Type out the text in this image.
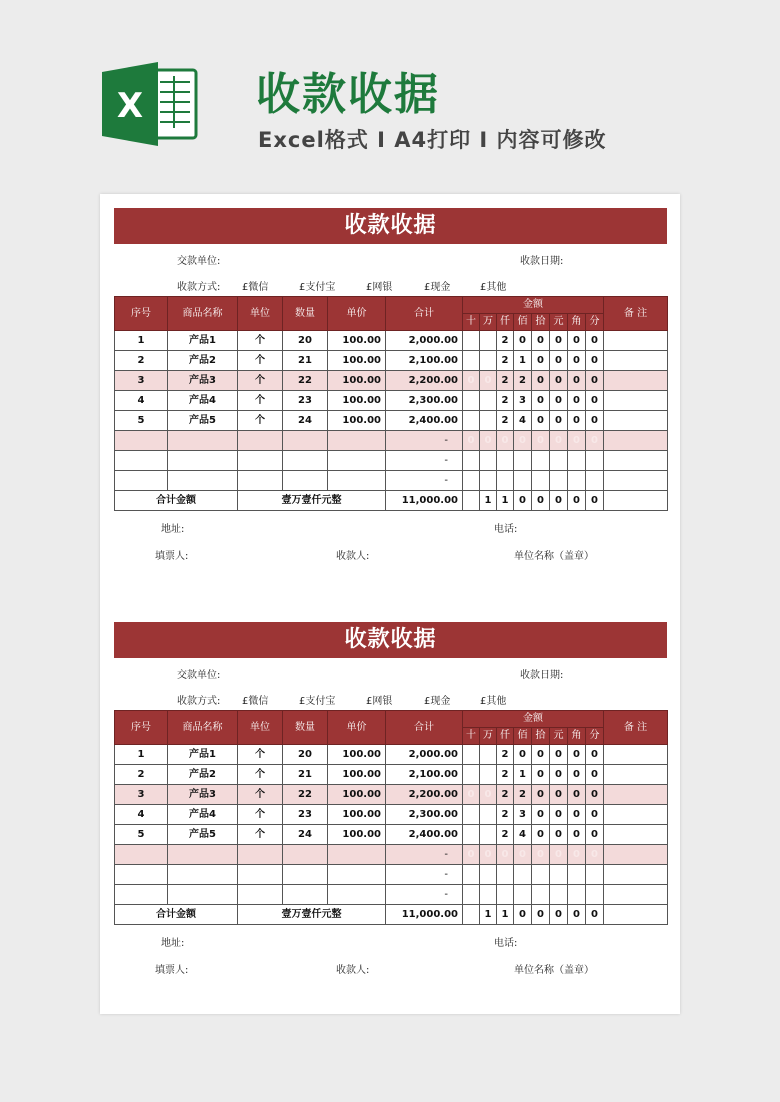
X	收款收据
Excel格式 I A4打印 I 内容可修改
收款收据
交款单位:	收款日期:
收款方式: £微信	£支付宝	£网银	£现金	£其他
序号	商品名称	单位	数量	单价	合计	金额								备 注
						十	万	仟	佰	拾	元	角	分	
1	产品1	个	20	100.00	2,000.00			2	0	0	0	0	0	
2	产品2	个	21	100.00	2,100.00			2	1	0	0	0	0	
3	产品3	个	22	100.00	2,200.00	0	0	2	2	0	0	0	0	
4	产品4	个	23	100.00	2,300.00			2	3	0	0	0	0	
5	产品5	个	24	100.00	2,400.00			2	4	0	0	0	0	
					-	0	0	0	0	0	0	0	0	
					-									
					-									
合计金额		壹万壹仟元整			11,000.00		1	1	0	0	0	0	0	
地址:	电话:
填票人:	收款人:	单位名称（盖章）
收款收据
交款单位:	收款日期:
收款方式: £微信	£支付宝	£网银	£现金	£其他
序号	商品名称	单位	数量	单价	合计	金额								备 注
						十	万	仟	佰	拾	元	角	分	
1	产品1	个	20	100.00	2,000.00			2	0	0	0	0	0	
2	产品2	个	21	100.00	2,100.00			2	1	0	0	0	0	
3	产品3	个	22	100.00	2,200.00	0	0	2	2	0	0	0	0	
4	产品4	个	23	100.00	2,300.00			2	3	0	0	0	0	
5	产品5	个	24	100.00	2,400.00			2	4	0	0	0	0	
					-	0	0	0	0	0	0	0	0	
					-									
					-									
合计金额		壹万壹仟元整			11,000.00		1	1	0	0	0	0	0	
地址:	电话:
填票人:	收款人:	单位名称（盖章）
